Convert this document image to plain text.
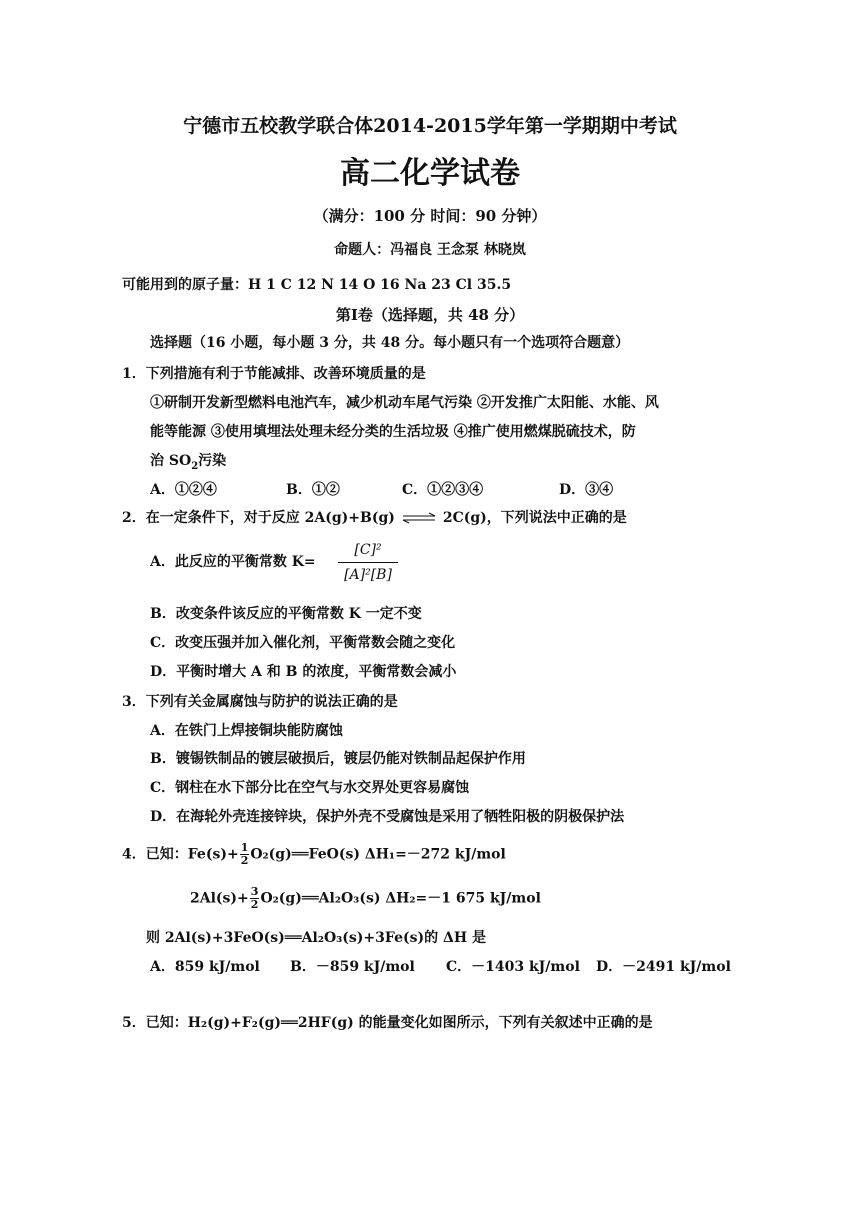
宁德市五校教学联合体2014-2015学年第一学期期中考试
高二化学试卷
（满分：100 分 时间：90 分钟）
命题人：冯福良 王念泵 林晓岚
可能用到的原子量：H 1 C 12 N 14 O 16 Na 23 Cl 35.5
第Ⅰ卷（选择题，共 48 分）
选择题（16 小题，每小题 3 分，共 48 分。每小题只有一个选项符合题意）
1．下列措施有利于节能减排、改善环境质量的是
①研制开发新型燃料电池汽车，减少机动车尾气污染 ②开发推广太阳能、水能、风
能等能源 ③使用填埋法处理未经分类的生活垃圾 ④推广使用燃煤脱硫技术，防
治 $SO_2$污染
A．①②④	B．①②	C．①②③④	D．③④
2．在一定条件下，对于反应 2A(g)+B(g) ⇌ 2C(g)，下列说法中正确的是
A．此反应的平衡常数 K=
[C]²
[A]²[B]
B．改变条件该反应的平衡常数 K 一定不变
C．改变压强并加入催化剂，平衡常数会随之变化
D．平衡时增大 A 和 B 的浓度，平衡常数会减小
3．下列有关金属腐蚀与防护的说法正确的是
A．在铁门上焊接铜块能防腐蚀
B．镀锡铁制品的镀层破损后，镀层仍能对铁制品起保护作用
C．钢柱在水下部分比在空气与水交界处更容易腐蚀
D．在海轮外壳连接锌块，保护外壳不受腐蚀是采用了牺牲阳极的阴极保护法
4．已知：$Fe(s)+ \frac{1}{2}$ O₂(g)══FeO(s) ΔH₁=－272 kJ/mol
$2Al(s)+ \frac{3}{2}$ O₂(g)══Al₂O₃(s) ΔH₂=－1 675 kJ/mol
则 2Al(s)+3FeO(s)══Al₂O₃(s)+3Fe(s)的 ΔH 是
A．859 kJ/mol B．－859 kJ/mol C．－1403 kJ/mol D．－2491 kJ/mol
5．已知：H₂(g)+F₂(g)══2HF(g) 的能量变化如图所示，下列有关叙述中正确的是
